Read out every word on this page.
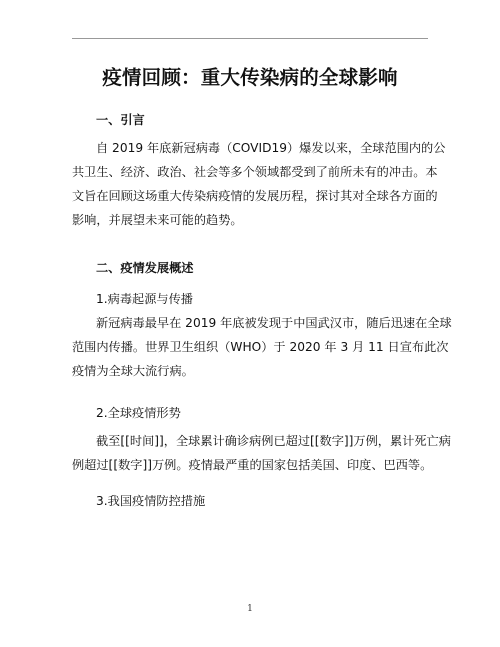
疫情回顾：重大传染病的全球影响
一、引言
自 2019 年底新冠病毒（COVID19）爆发以来，全球范围内的公
共卫生、经济、政治、社会等多个领域都受到了前所未有的冲击。本
文旨在回顾这场重大传染病疫情的发展历程，探讨其对全球各方面的
影响，并展望未来可能的趋势。
二、疫情发展概述
1.病毒起源与传播
新冠病毒最早在 2019 年底被发现于中国武汉市，随后迅速在全球
范围内传播。世界卫生组织（WHO）于 2020 年 3 月 11 日宣布此次
疫情为全球大流行病。
2.全球疫情形势
截至[[时间]]，全球累计确诊病例已超过[[数字]]万例，累计死亡病
例超过[[数字]]万例。疫情最严重的国家包括美国、印度、巴西等。
3.我国疫情防控措施
1
